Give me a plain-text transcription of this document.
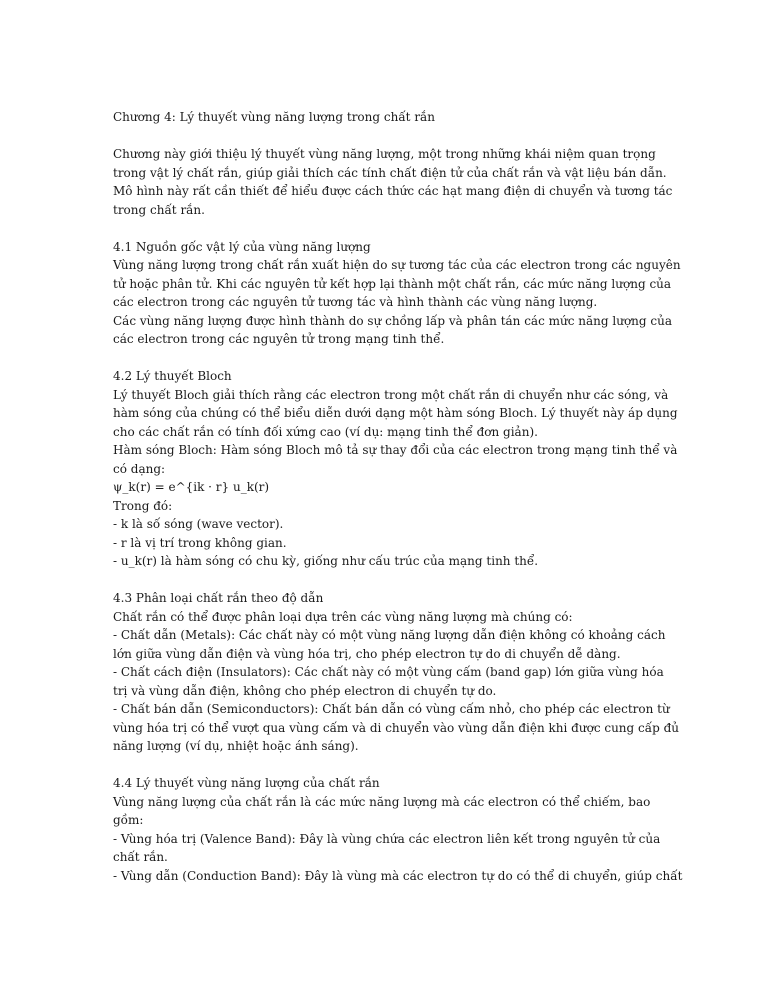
Chương 4: Lý thuyết vùng năng lượng trong chất rắn
Chương này giới thiệu lý thuyết vùng năng lượng, một trong những khái niệm quan trọng
trong vật lý chất rắn, giúp giải thích các tính chất điện tử của chất rắn và vật liệu bán dẫn.
Mô hình này rất cần thiết để hiểu được cách thức các hạt mang điện di chuyển và tương tác
trong chất rắn.
4.1 Nguồn gốc vật lý của vùng năng lượng
Vùng năng lượng trong chất rắn xuất hiện do sự tương tác của các electron trong các nguyên
tử hoặc phân tử. Khi các nguyên tử kết hợp lại thành một chất rắn, các mức năng lượng của
các electron trong các nguyên tử tương tác và hình thành các vùng năng lượng.
Các vùng năng lượng được hình thành do sự chồng lấp và phân tán các mức năng lượng của
các electron trong các nguyên tử trong mạng tinh thể.
4.2 Lý thuyết Bloch
Lý thuyết Bloch giải thích rằng các electron trong một chất rắn di chuyển như các sóng, và
hàm sóng của chúng có thể biểu diễn dưới dạng một hàm sóng Bloch. Lý thuyết này áp dụng
cho các chất rắn có tính đối xứng cao (ví dụ: mạng tinh thể đơn giản).
Hàm sóng Bloch: Hàm sóng Bloch mô tả sự thay đổi của các electron trong mạng tinh thể và
có dạng:
ψ_k(r) = e^{ik · r} u_k(r)
Trong đó:
- k là số sóng (wave vector).
- r là vị trí trong không gian.
- u_k(r) là hàm sóng có chu kỳ, giống như cấu trúc của mạng tinh thể.
4.3 Phân loại chất rắn theo độ dẫn
Chất rắn có thể được phân loại dựa trên các vùng năng lượng mà chúng có:
- Chất dẫn (Metals): Các chất này có một vùng năng lượng dẫn điện không có khoảng cách
lớn giữa vùng dẫn điện và vùng hóa trị, cho phép electron tự do di chuyển dễ dàng.
- Chất cách điện (Insulators): Các chất này có một vùng cấm (band gap) lớn giữa vùng hóa
trị và vùng dẫn điện, không cho phép electron di chuyển tự do.
- Chất bán dẫn (Semiconductors): Chất bán dẫn có vùng cấm nhỏ, cho phép các electron từ
vùng hóa trị có thể vượt qua vùng cấm và di chuyển vào vùng dẫn điện khi được cung cấp đủ
năng lượng (ví dụ, nhiệt hoặc ánh sáng).
4.4 Lý thuyết vùng năng lượng của chất rắn
Vùng năng lượng của chất rắn là các mức năng lượng mà các electron có thể chiếm, bao
gồm:
- Vùng hóa trị (Valence Band): Đây là vùng chứa các electron liên kết trong nguyên tử của
chất rắn.
- Vùng dẫn (Conduction Band): Đây là vùng mà các electron tự do có thể di chuyển, giúp chất
